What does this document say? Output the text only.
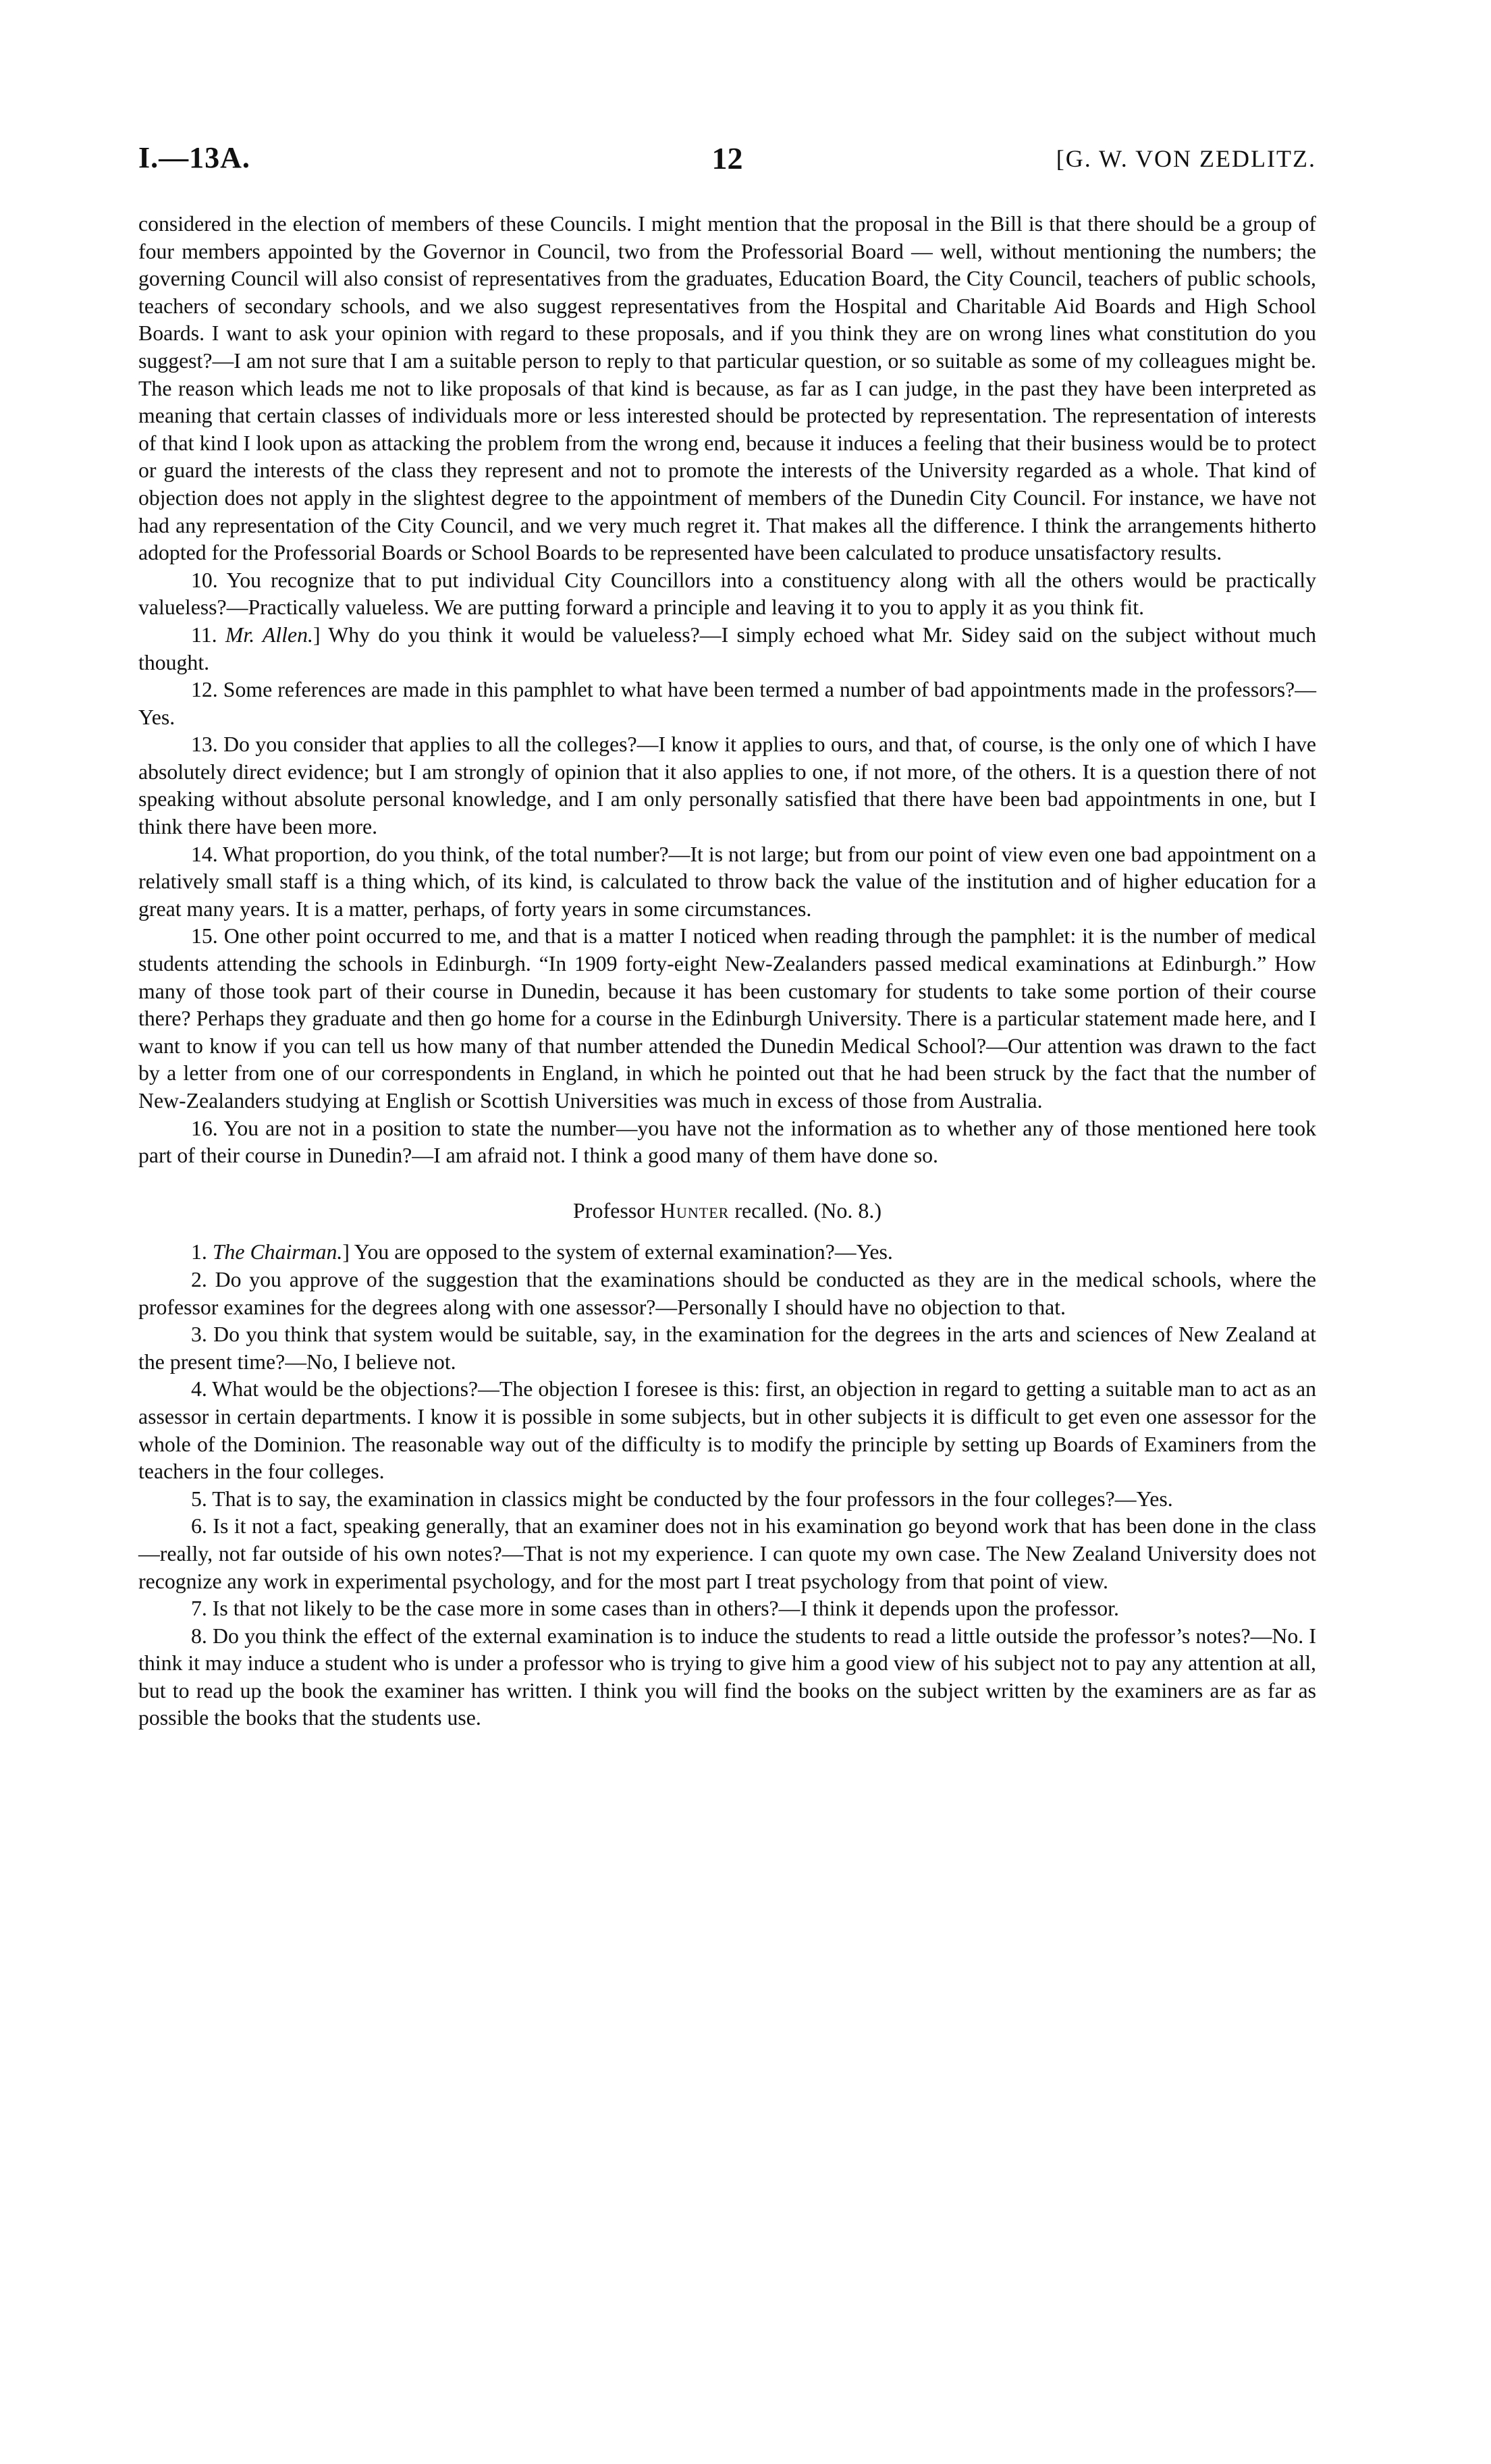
I.—13A.	12	[G. W. VON ZEDLITZ.

considered in the election of members of these Councils. I might mention that the proposal in the Bill is that there should be a group of four members appointed by the Governor in Council, two from the Professorial Board — well, without mentioning the numbers; the governing Council will also consist of representatives from the graduates, Education Board, the City Council, teachers of public schools, teachers of secondary schools, and we also suggest representatives from the Hospital and Charitable Aid Boards and High School Boards. I want to ask your opinion with regard to these proposals, and if you think they are on wrong lines what constitution do you suggest?—I am not sure that I am a suitable person to reply to that particular question, or so suitable as some of my colleagues might be. The reason which leads me not to like proposals of that kind is because, as far as I can judge, in the past they have been interpreted as meaning that certain classes of individuals more or less interested should be protected by representation. The representation of interests of that kind I look upon as attacking the problem from the wrong end, because it induces a feeling that their business would be to protect or guard the interests of the class they represent and not to promote the interests of the University regarded as a whole. That kind of objection does not apply in the slightest degree to the appointment of members of the Dunedin City Council. For instance, we have not had any representation of the City Council, and we very much regret it. That makes all the difference. I think the arrangements hitherto adopted for the Professorial Boards or School Boards to be represented have been calculated to produce unsatisfactory results.

10. You recognize that to put individual City Councillors into a constituency along with all the others would be practically valueless?—Practically valueless. We are putting forward a principle and leaving it to you to apply it as you think fit.

11. Mr. Allen.] Why do you think it would be valueless?—I simply echoed what Mr. Sidey said on the subject without much thought.

12. Some references are made in this pamphlet to what have been termed a number of bad appointments made in the professors?—Yes.

13. Do you consider that applies to all the colleges?—I know it applies to ours, and that, of course, is the only one of which I have absolutely direct evidence; but I am strongly of opinion that it also applies to one, if not more, of the others. It is a question there of not speaking without absolute personal knowledge, and I am only personally satisfied that there have been bad appointments in one, but I think there have been more.

14. What proportion, do you think, of the total number?—It is not large; but from our point of view even one bad appointment on a relatively small staff is a thing which, of its kind, is calculated to throw back the value of the institution and of higher education for a great many years. It is a matter, perhaps, of forty years in some circumstances.

15. One other point occurred to me, and that is a matter I noticed when reading through the pamphlet: it is the number of medical students attending the schools in Edinburgh. “In 1909 forty-eight New-Zealanders passed medical examinations at Edinburgh.” How many of those took part of their course in Dunedin, because it has been customary for students to take some portion of their course there? Perhaps they graduate and then go home for a course in the Edinburgh University. There is a particular statement made here, and I want to know if you can tell us how many of that number attended the Dunedin Medical School?—Our attention was drawn to the fact by a letter from one of our correspondents in England, in which he pointed out that he had been struck by the fact that the number of New-Zealanders studying at English or Scottish Universities was much in excess of those from Australia.

16. You are not in a position to state the number—you have not the information as to whether any of those mentioned here took part of their course in Dunedin?—I am afraid not. I think a good many of them have done so.

Professor Hunter recalled. (No. 8.)

1. The Chairman.] You are opposed to the system of external examination?—Yes.

2. Do you approve of the suggestion that the examinations should be conducted as they are in the medical schools, where the professor examines for the degrees along with one assessor?—Personally I should have no objection to that.

3. Do you think that system would be suitable, say, in the examination for the degrees in the arts and sciences of New Zealand at the present time?—No, I believe not.

4. What would be the objections?—The objection I foresee is this: first, an objection in regard to getting a suitable man to act as an assessor in certain departments. I know it is possible in some subjects, but in other subjects it is difficult to get even one assessor for the whole of the Dominion. The reasonable way out of the difficulty is to modify the principle by setting up Boards of Examiners from the teachers in the four colleges.

5. That is to say, the examination in classics might be conducted by the four professors in the four colleges?—Yes.

6. Is it not a fact, speaking generally, that an examiner does not in his examination go beyond work that has been done in the class—really, not far outside of his own notes?—That is not my experience. I can quote my own case. The New Zealand University does not recognize any work in experimental psychology, and for the most part I treat psychology from that point of view.

7. Is that not likely to be the case more in some cases than in others?—I think it depends upon the professor.

8. Do you think the effect of the external examination is to induce the students to read a little outside the professor’s notes?—No. I think it may induce a student who is under a professor who is trying to give him a good view of his subject not to pay any attention at all, but to read up the book the examiner has written. I think you will find the books on the subject written by the examiners are as far as possible the books that the students use.
